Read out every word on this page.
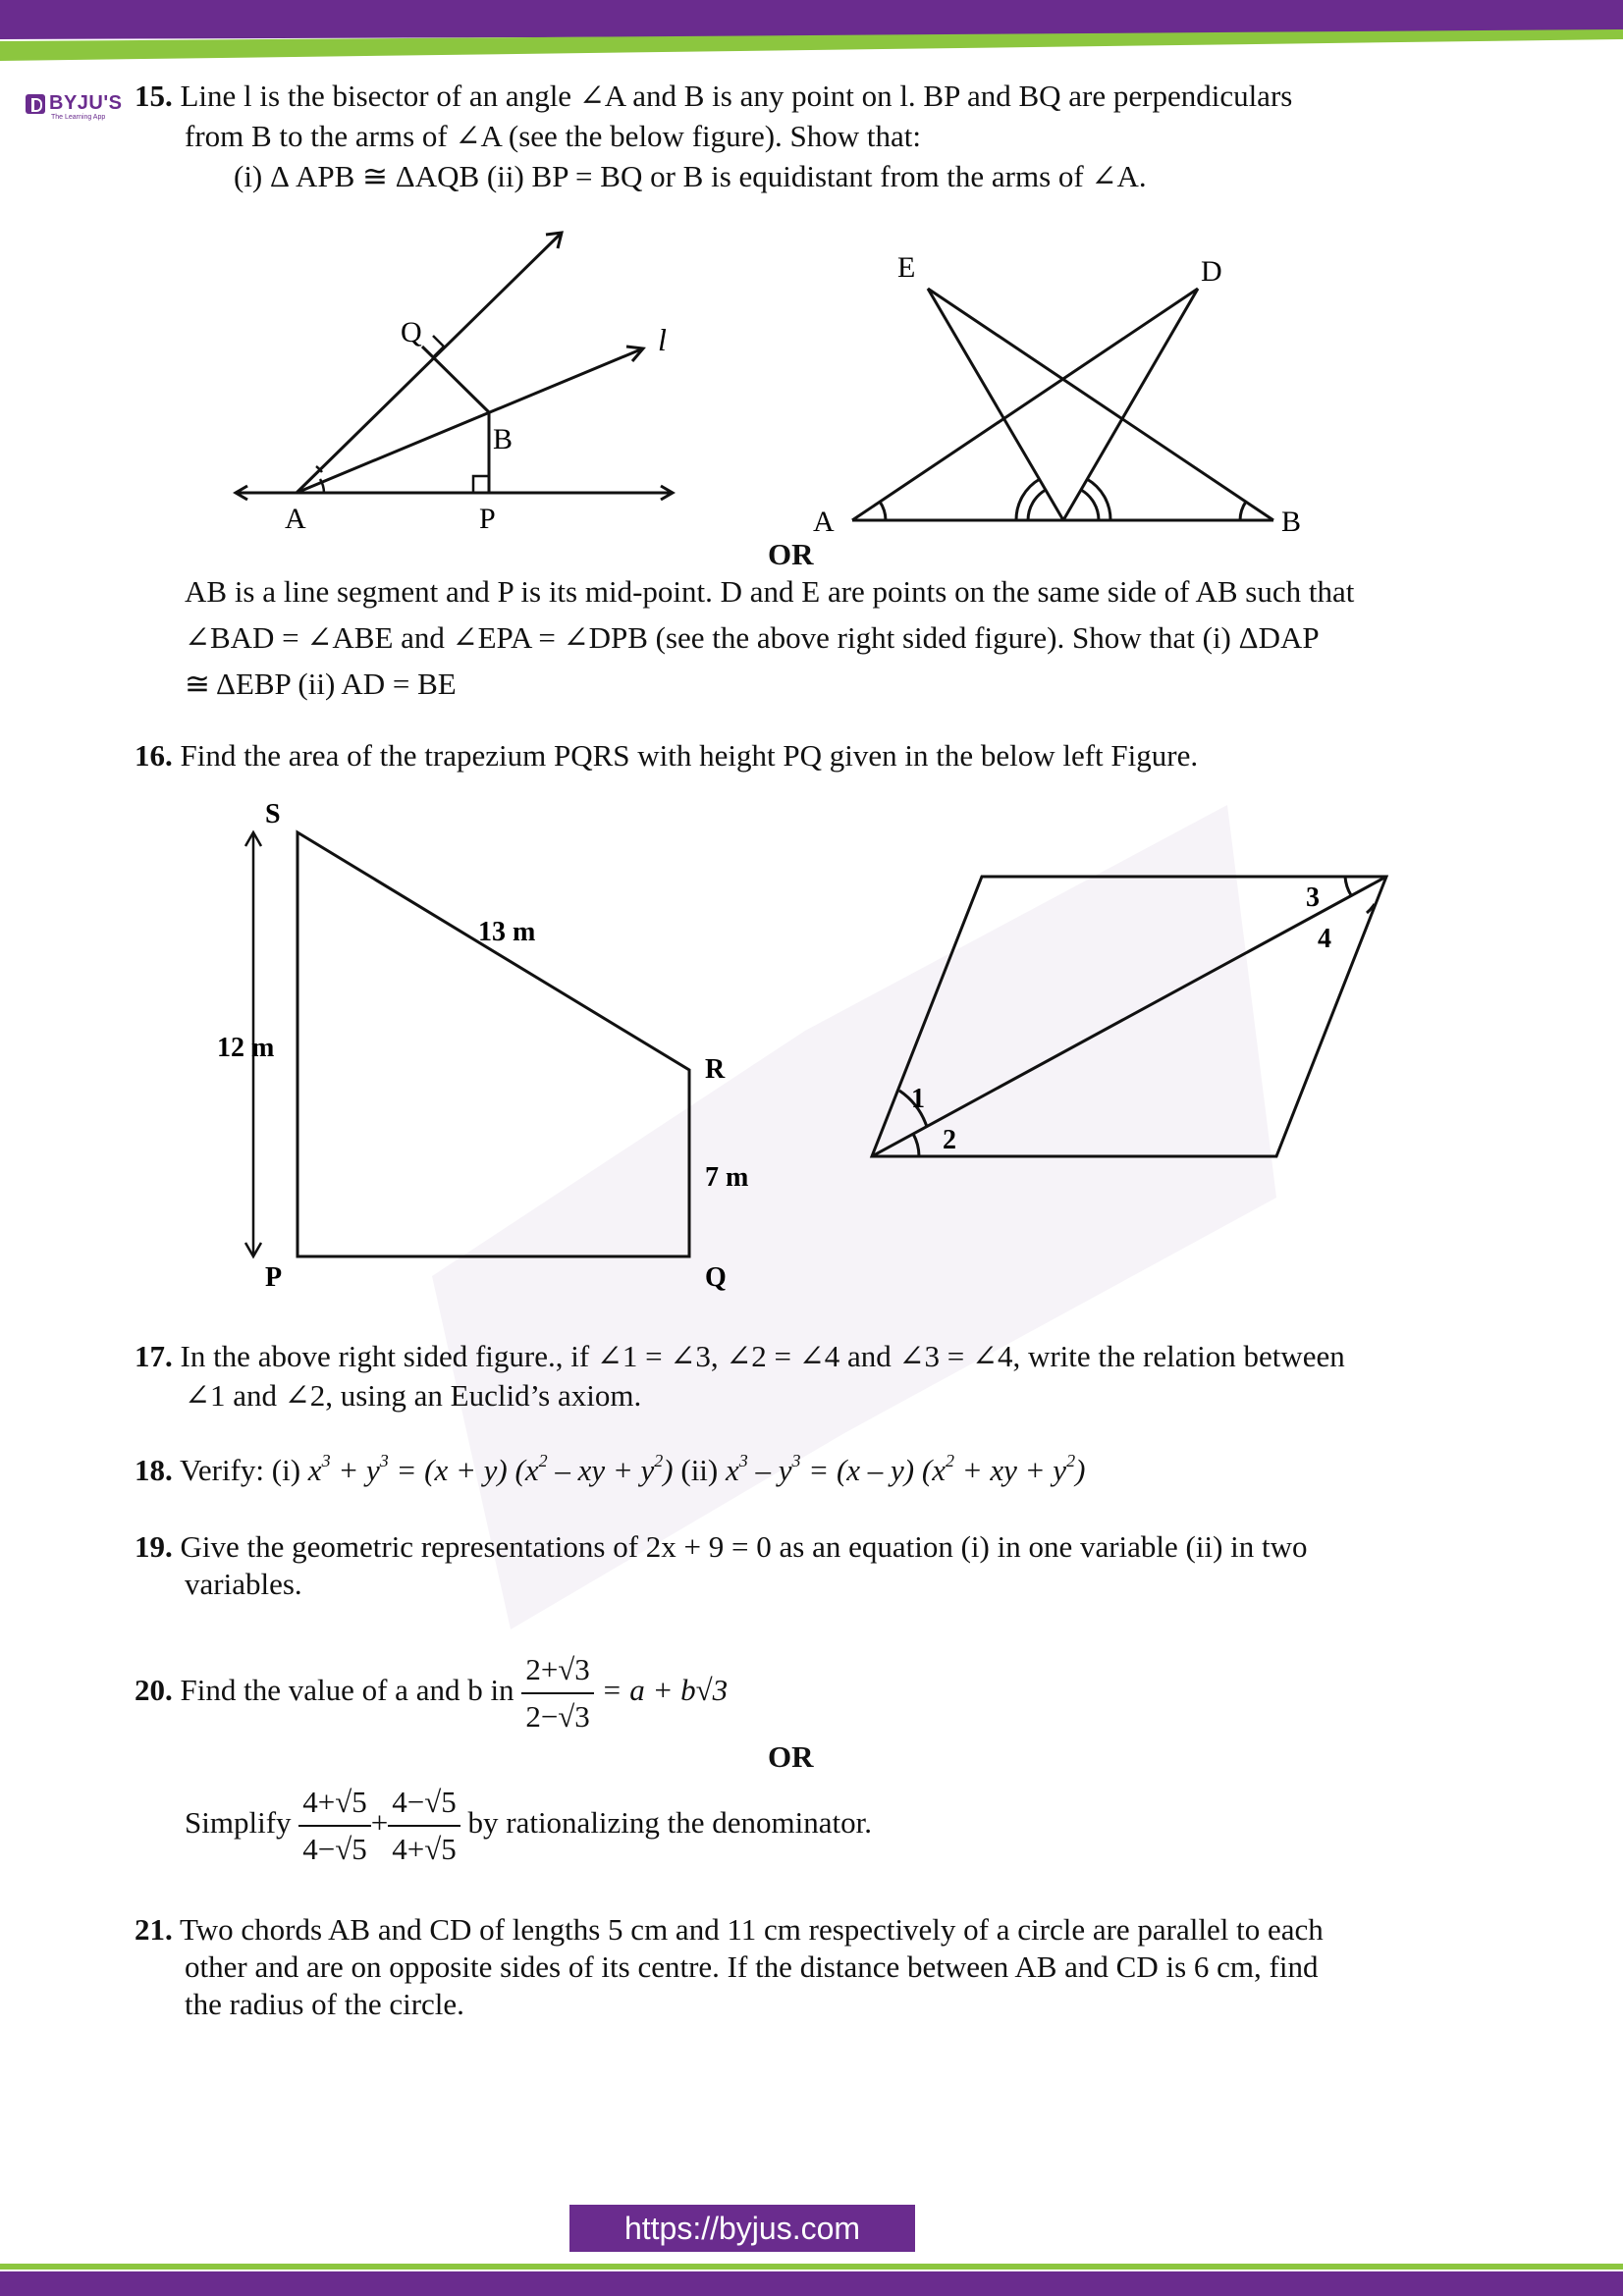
BYJU'S
The Learning App
15. Line l is the bisector of an angle ∠A and B is any point on l. BP and BQ are perpendiculars
from B to the arms of ∠A (see the below figure). Show that:
(i) Δ APB ≅ ΔAQB (ii) BP = BQ or B is equidistant from the arms of ∠A.
Q
B
A	P
l
E	D
A	B
OR
AB is a line segment and P is its mid-point. D and E are points on the same side of AB such that
∠BAD = ∠ABE and ∠EPA = ∠DPB (see the above right sided figure). Show that (i) ΔDAP
≅ ΔEBP (ii) AD = BE
16. Find the area of the trapezium PQRS with height PQ given in the below left Figure.
S
P	Q
R
12 m
13 m
7 m
1
2
3
4
17. In the above right sided figure., if ∠1 = ∠3, ∠2 = ∠4 and ∠3 = ∠4, write the relation between
∠1 and ∠2, using an Euclid’s axiom.
18. Verify: (i) $x^3 + y^3 = (x + y)$ ($x^2$ – xy + $y^2$) (ii) $x^3 - y^3 = (x - y) (x^2$ + xy + $y^2$)
19. Give the geometric representations of 2x + 9 = 0 as an equation (i) in one variable (ii) in two
variables.
20. Find the value of a and b in $\frac{2+√3}{2-√3} = a + b√3$
OR
Simplify $\frac{4+√5}{4-√5} + \frac{4-√5}{4+√5}$ by rationalizing the denominator.
21. Two chords AB and CD of lengths 5 cm and 11 cm respectively of a circle are parallel to each
other and are on opposite sides of its centre. If the distance between AB and CD is 6 cm, find
the radius of the circle.
https://byjus.com
